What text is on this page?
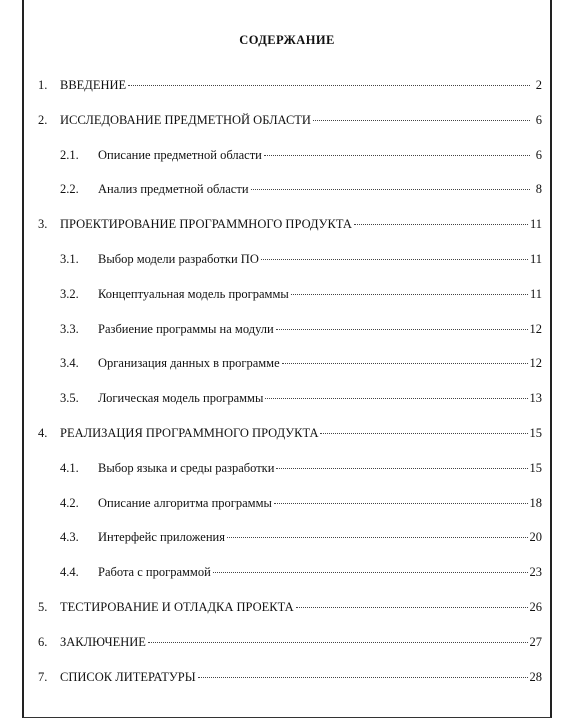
СОДЕРЖАНИЕ
1.	ВВЕДЕНИЕ	2
2.	ИССЛЕДОВАНИЕ ПРЕДМЕТНОЙ ОБЛАСТИ	6
2.1.	Описание предметной области	6
2.2.	Анализ предметной области	8
3.	ПРОЕКТИРОВАНИЕ ПРОГРАММНОГО ПРОДУКТА	11
3.1.	Выбор модели разработки ПО	11
3.2.	Концептуальная модель программы	11
3.3.	Разбиение программы на модули	12
3.4.	Организация данных в программе	12
3.5.	Логическая модель программы	13
4.	РЕАЛИЗАЦИЯ ПРОГРАММНОГО ПРОДУКТА	15
4.1.	Выбор языка и среды разработки	15
4.2.	Описание алгоритма программы	18
4.3.	Интерфейс приложения	20
4.4.	Работа с программой	23
5.	ТЕСТИРОВАНИЕ И ОТЛАДКА ПРОЕКТА	26
6.	ЗАКЛЮЧЕНИЕ	27
7.	СПИСОК ЛИТЕРАТУРЫ	28
